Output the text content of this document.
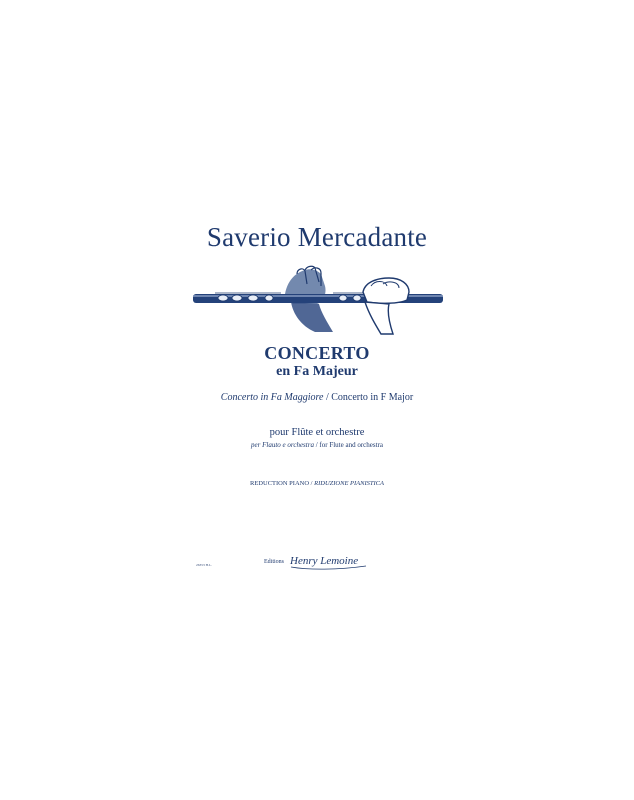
Saverio Mercadante
CONCERTO
en Fa Majeur
Concerto in Fa Maggiore / Concerto in F Major
pour Flûte et orchestre
per Flauto e orchestra / for Flute and orchestra
REDUCTION PIANO / RIDUZIONE PIANISTICA
26353 H.L.	Editions Henry Lemoine
